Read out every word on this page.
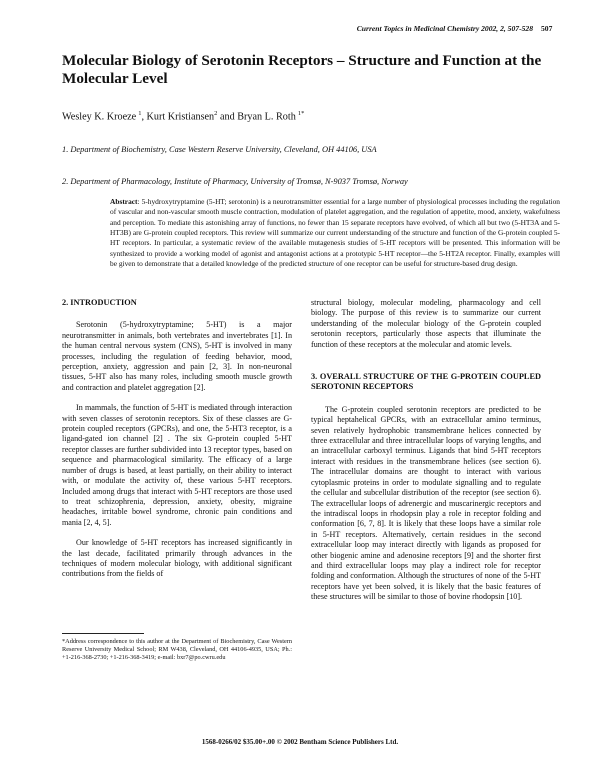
Current Topics in Medicinal Chemistry 2002, 2, 507-528 507
Molecular Biology of Serotonin Receptors – Structure and Function at the Molecular Level
Wesley K. Kroeze  $^1$, Kurt Kristiansen$^2$ and Bryan L. Roth  $^{1*}$
1. Department of Biochemistry, Case Western Reserve University, Cleveland, OH 44106, USA
2. Department of Pharmacology, Institute of Pharmacy, University of Tromsø, N-9037 Tromsø, Norway
Abstract: 5-hydroxytryptamine (5-HT; serotonin) is a neurotransmitter essential for a large number of physiological processes including the regulation of vascular and non-vascular smooth muscle contraction, modulation of platelet aggregation, and the regulation of appetite, mood, anxiety, wakefulness and perception. To mediate this astonishing array of functions, no fewer than 15 separate receptors have evolved, of which all but two (5-HT3A and 5-HT3B) are G-protein coupled receptors. This review will summarize our current understanding of the structure and function of the G-protein coupled 5-HT receptors. In particular, a systematic review of the available mutagenesis studies of 5-HT receptors will be presented. This information will be synthesized to provide a working model of agonist and antagonist actions at a prototypic 5-HT receptor—the 5-HT2A receptor. Finally, examples will be given to demonstrate that a detailed knowledge of the predicted structure of one receptor can be useful for structure-based drug design.
2. INTRODUCTION

Serotonin (5-hydroxytryptamine; 5-HT) is a major neurotransmitter in animals, both vertebrates and invertebrates [1]. In the human central nervous system (CNS), 5-HT is involved in many processes, including the regulation of feeding behavior, mood, perception, anxiety, aggression and pain [2, 3]. In non-neuronal tissues, 5-HT also has many roles, including smooth muscle growth and contraction and platelet aggregation [2].

In mammals, the function of 5-HT is mediated through interaction with seven classes of serotonin receptors. Six of these classes are G-protein coupled receptors (GPCRs), and one, the 5-HT3 receptor, is a ligand-gated ion channel [2] . The six G-protein coupled 5-HT receptor classes are further subdivided into 13 receptor types, based on sequence and pharmacological similarity. The efficacy of a large number of drugs is based, at least partially, on their ability to interact with, or modulate the activity of, these various 5-HT receptors. Included among drugs that interact with 5-HT receptors are those used to treat schizophrenia, depression, anxiety, obesity, migraine headaches, irritable bowel syndrome, chronic pain conditions and mania [2, 4, 5].

Our knowledge of 5-HT receptors has increased significantly in the last decade, facilitated primarily through advances in the techniques of modern molecular biology, with additional significant contributions from the fields of

*Address correspondence to this author at the Department of Biochemistry, Case Western Reserve University Medical School; RM W438, Cleveland, OH 44106-4935, USA; Ph.: +1-216-368-2730; +1-216-368-3419; e-mail: bxr7@po.cwru.edu

structural biology, molecular modeling, pharmacology and cell biology. The purpose of this review is to summarize our current understanding of the molecular biology of the G-protein coupled serotonin receptors, particularly those aspects that illuminate the function of these receptors at the molecular and atomic levels.

3. OVERALL STRUCTURE OF THE G-PROTEIN COUPLED SEROTONIN RECEPTORS

The G-protein coupled serotonin receptors are predicted to be typical heptahelical GPCRs, with an extracellular amino terminus, seven relatively hydrophobic transmembrane helices connected by three extracellular and three intracellular loops of varying lengths, and an intracellular carboxyl terminus. Ligands that bind 5-HT receptors interact with residues in the transmembrane helices (see section 6). The intracellular domains are thought to interact with various cytoplasmic proteins in order to modulate signalling and to regulate the cellular and subcellular distribution of the receptor (see section 6). The extracellular loops of adrenergic and muscarinergic receptors and the intradiscal loops in rhodopsin play a role in receptor folding and conformation [6, 7, 8]. It is likely that these loops have a similar role in 5-HT receptors. Alternatively, certain residues in the second extracellular loop may interact directly with ligands as proposed for other biogenic amine and adenosine receptors [9] and the shorter first and third extracellular loops may play a indirect role for receptor folding and conformation. Although the structures of none of the 5-HT receptors have yet been solved, it is likely that the basic features of these structures will be similar to those of bovine rhodopsin [10].

1568-0266/02 $35.00+.00 © 2002 Bentham Science Publishers Ltd.
